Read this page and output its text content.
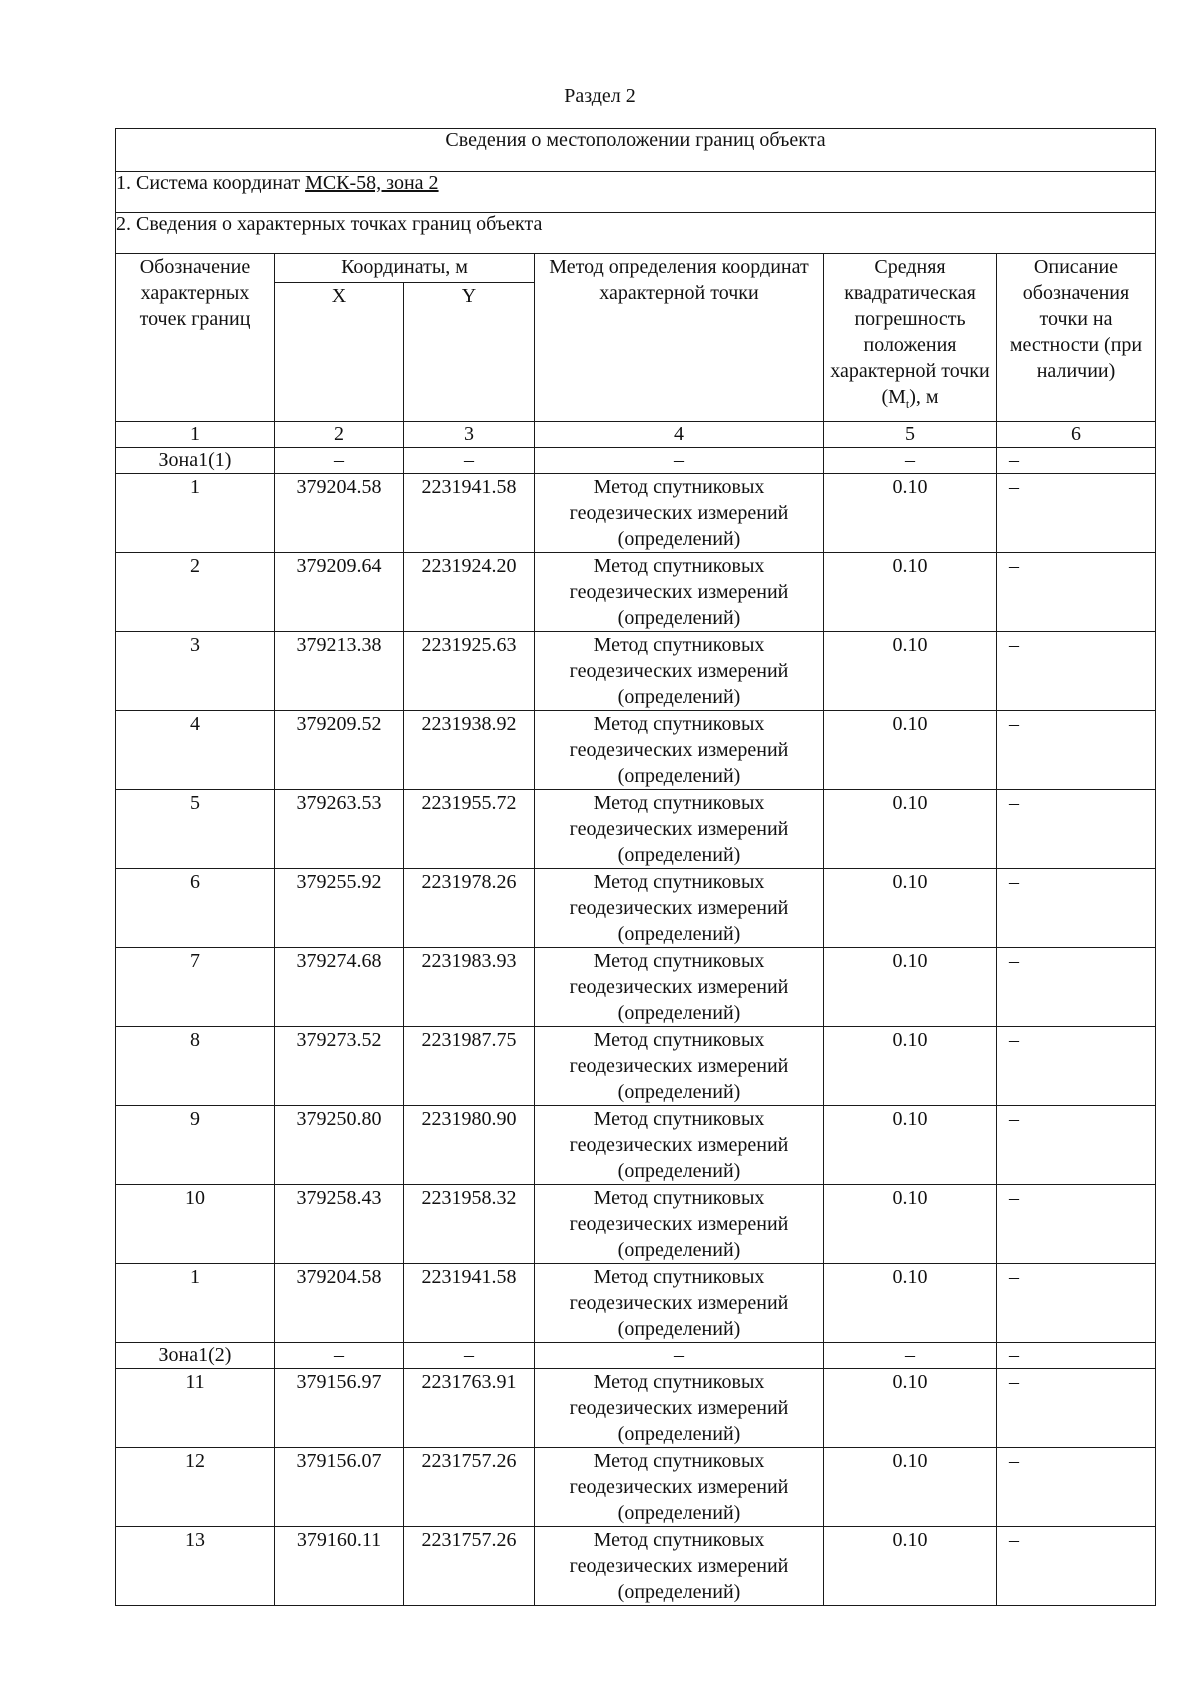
Раздел 2
Сведения о местоположении границ объекта					
1. Система координат МСК-58, зона 2					
2. Сведения о характерных точках границ объекта					
Обозначение характерных точек границ	Координаты, м		Метод определения координат характерной точки	Средняя квадратическая погрешность положения характерной точки $(M_t)$, м	Описание обозначения точки на местности (при наличии)
	X	Y			
1	2	3	4	5	6
Зона1(1)	–	–	–	–	–
1	379204.58	2231941.58	Метод спутниковых геодезических измерений (определений)	0.10	–
2	379209.64	2231924.20	Метод спутниковых геодезических измерений (определений)	0.10	–
3	379213.38	2231925.63	Метод спутниковых геодезических измерений (определений)	0.10	–
4	379209.52	2231938.92	Метод спутниковых геодезических измерений (определений)	0.10	–
5	379263.53	2231955.72	Метод спутниковых геодезических измерений (определений)	0.10	–
6	379255.92	2231978.26	Метод спутниковых геодезических измерений (определений)	0.10	–
7	379274.68	2231983.93	Метод спутниковых геодезических измерений (определений)	0.10	–
8	379273.52	2231987.75	Метод спутниковых геодезических измерений (определений)	0.10	–
9	379250.80	2231980.90	Метод спутниковых геодезических измерений (определений)	0.10	–
10	379258.43	2231958.32	Метод спутниковых геодезических измерений (определений)	0.10	–
1	379204.58	2231941.58	Метод спутниковых геодезических измерений (определений)	0.10	–
Зона1(2)	–	–	–	–	–
11	379156.97	2231763.91	Метод спутниковых геодезических измерений (определений)	0.10	–
12	379156.07	2231757.26	Метод спутниковых геодезических измерений (определений)	0.10	–
13	379160.11	2231757.26	Метод спутниковых геодезических измерений (определений)	0.10	–
